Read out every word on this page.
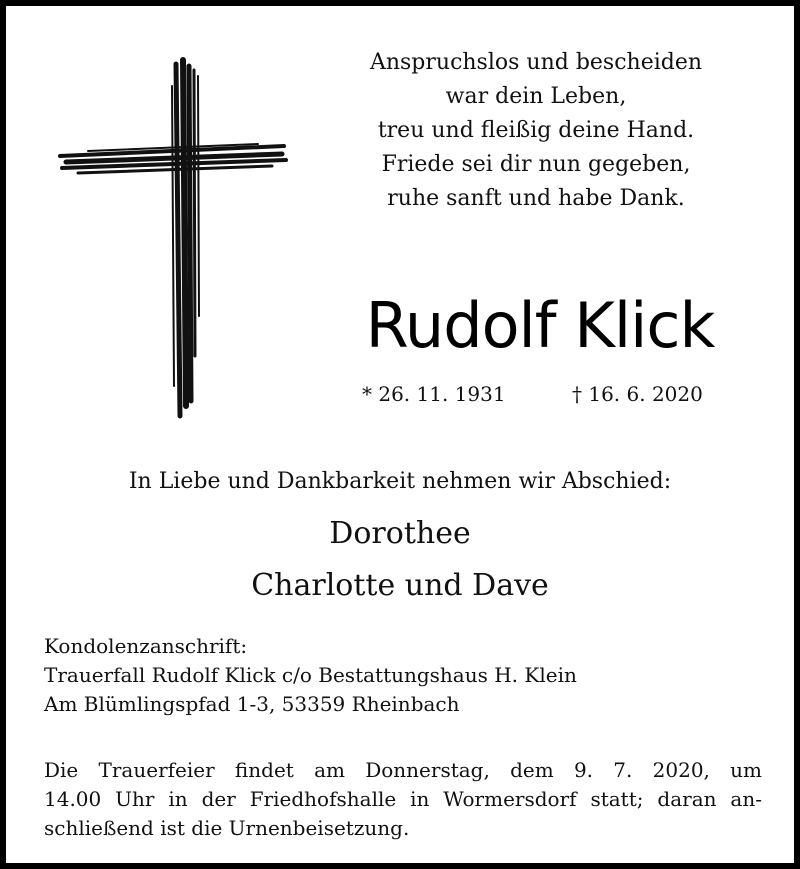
Anspruchslos und bescheiden
war dein Leben,
treu und fleißig deine Hand.
Friede sei dir nun gegeben,
ruhe sanft und habe Dank.
Rudolf Klick
* 26. 11. 1931	† 16. 6. 2020
In Liebe und Dankbarkeit nehmen wir Abschied:
Dorothee
Charlotte und Dave
Kondolenzanschrift:
Trauerfall Rudolf Klick c/o Bestattungshaus H. Klein
Am Blümlingspfad 1-3, 53359 Rheinbach
Die Trauerfeier findet am Donnerstag, dem 9. 7. 2020, um
14.00 Uhr in der Friedhofshalle in Wormersdorf statt; daran an-
schließend ist die Urnenbeisetzung.
